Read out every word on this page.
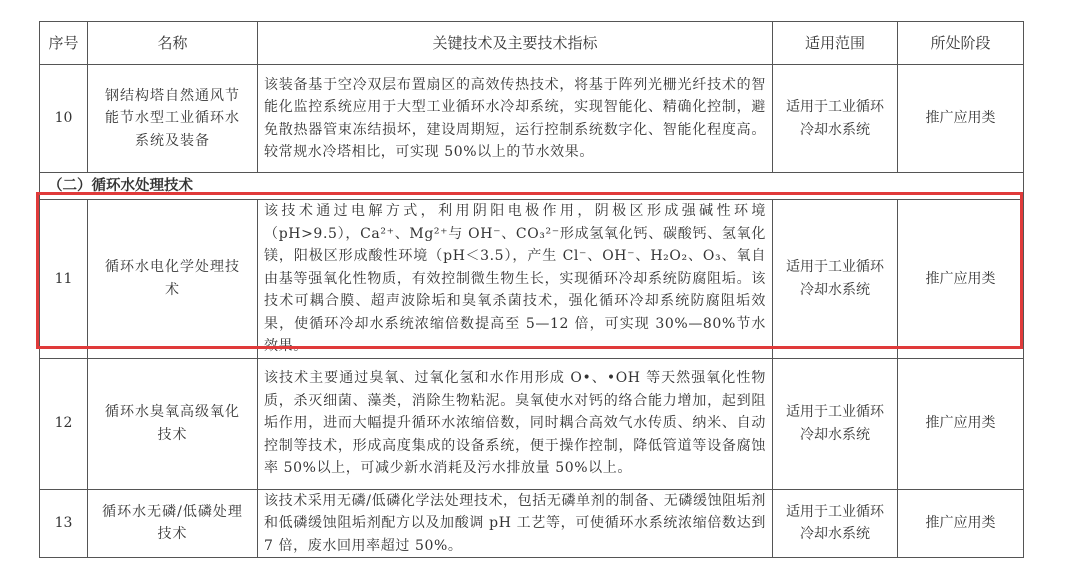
序号	名称	关键技术及主要技术指标	适用范围	所处阶段
10	钢结构塔自然通风节能节水型工业循环水系统及装备	该装备基于空冷双层布置扇区的高效传热技术，将基于阵列光栅光纤技术的智能化监控系统应用于大型工业循环水冷却系统，实现智能化、精确化控制，避免散热器管束冻结损坏，建设周期短，运行控制系统数字化、智能化程度高。较常规水冷塔相比，可实现 50%以上的节水效果。	适用于工业循环冷却水系统	推广应用类
（二）循环水处理技术				
11	循环水电化学处理技术	该技术通过电解方式，利用阴阳电极作用，阴极区形成强碱性环境（pH>9.5），Ca²⁺、Mg²⁺与 OH⁻、CO₃²⁻形成氢氧化钙、碳酸钙、氢氧化镁，阳极区形成酸性环境（pH＜3.5），产生 Cl⁻、OH⁻、H₂O₂、O₃、氧自由基等强氧化性物质，有效控制微生物生长，实现循环冷却系统防腐阻垢。该技术可耦合膜、超声波除垢和臭氧杀菌技术，强化循环冷却系统防腐阻垢效果，使循环冷却水系统浓缩倍数提高至 5—12 倍，可实现 30%—80%节水效果。	适用于工业循环冷却水系统	推广应用类
12	循环水臭氧高级氧化技术	该技术主要通过臭氧、过氧化氢和水作用形成 O•、•OH 等天然强氧化性物质，杀灭细菌、藻类，消除生物粘泥。臭氧使水对钙的络合能力增加，起到阻垢作用，进而大幅提升循环水浓缩倍数，同时耦合高效气水传质、纳米、自动控制等技术，形成高度集成的设备系统，便于操作控制，降低管道等设备腐蚀率 50%以上，可减少新水消耗及污水排放量 50%以上。	适用于工业循环冷却水系统	推广应用类
13	循环水无磷/低磷处理技术	该技术采用无磷/低磷化学法处理技术，包括无磷单剂的制备、无磷缓蚀阻垢剂和低磷缓蚀阻垢剂配方以及加酸调 pH 工艺等，可使循环水系统浓缩倍数达到 7 倍，废水回用率超过 50%。	适用于工业循环冷却水系统	推广应用类
